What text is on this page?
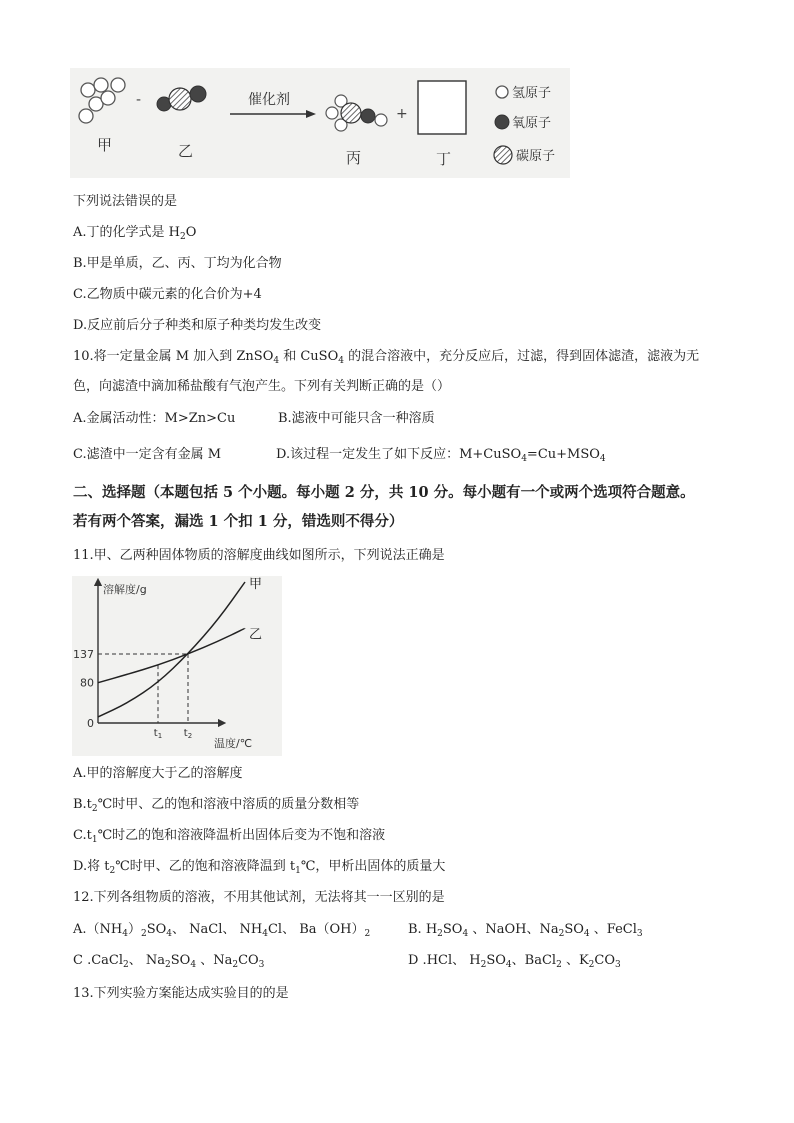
甲
-
乙
催化剂
丙
+
丁
氢原子
氧原子
碳原子
下列说法错误的是
A.丁的化学式是 $H_2O$
B.甲是单质，乙、丙、丁均为化合物
C.乙物质中碳元素的化合价为+4
D.反应前后分子种类和原子种类均发生改变
10.将一定量金属 M 加入到 ZnSO$_4$ 和 CuSO$_4$ 的混合溶液中，充分反应后，过滤，得到固体滤渣，滤液为无
色，向滤渣中滴加稀盐酸有气泡产生。下列有关判断正确的是（）
A.金属活动性：M>Zn>Cu	B.滤液中可能只含一种溶质
C.滤渣中一定含有金属 M	D.该过程一定发生了如下反应：$M+CuSO_4=Cu+MSO_4$
二、选择题（本题包括 5 个小题。每小题 2 分，共 10 分。每小题有一个或两个选项符合题意。
若有两个答案，漏选 1 个扣 1 分，错选则不得分）
11.甲、乙两种固体物质的溶解度曲线如图所示，下列说法正确是
溶解度/g
温度/℃
137
80
0
$t_1$ $t_2$
甲
乙
A.甲的溶解度大于乙的溶解度
$B.t_2℃$时甲、乙的饱和溶液中溶质的质量分数相等
$C.t_1℃$时乙的饱和溶液降温析出固体后变为不饱和溶液
D.将 $t_2℃$时甲、乙的饱和溶液降温到 $t_1℃$，甲析出固体的质量大
12.下列各组物质的溶液，不用其他试剂，无法将其一一区别的是
$A.(NH_4)_2SO_4$、 NaCl、 $NH_4Cl$、 $Ba(OH)_2$	B. $H_2SO_4$ 、NaOH、$Na_2SO_4$ 、FeCl$_3$
C .CaCl$_2$、 $Na_2SO_4$ 、$Na_2CO_3$	D .HCl、 $H_2SO_4$、BaCl$_2$ 、$K_2CO_3$
13.下列实验方案能达成实验目的的是
